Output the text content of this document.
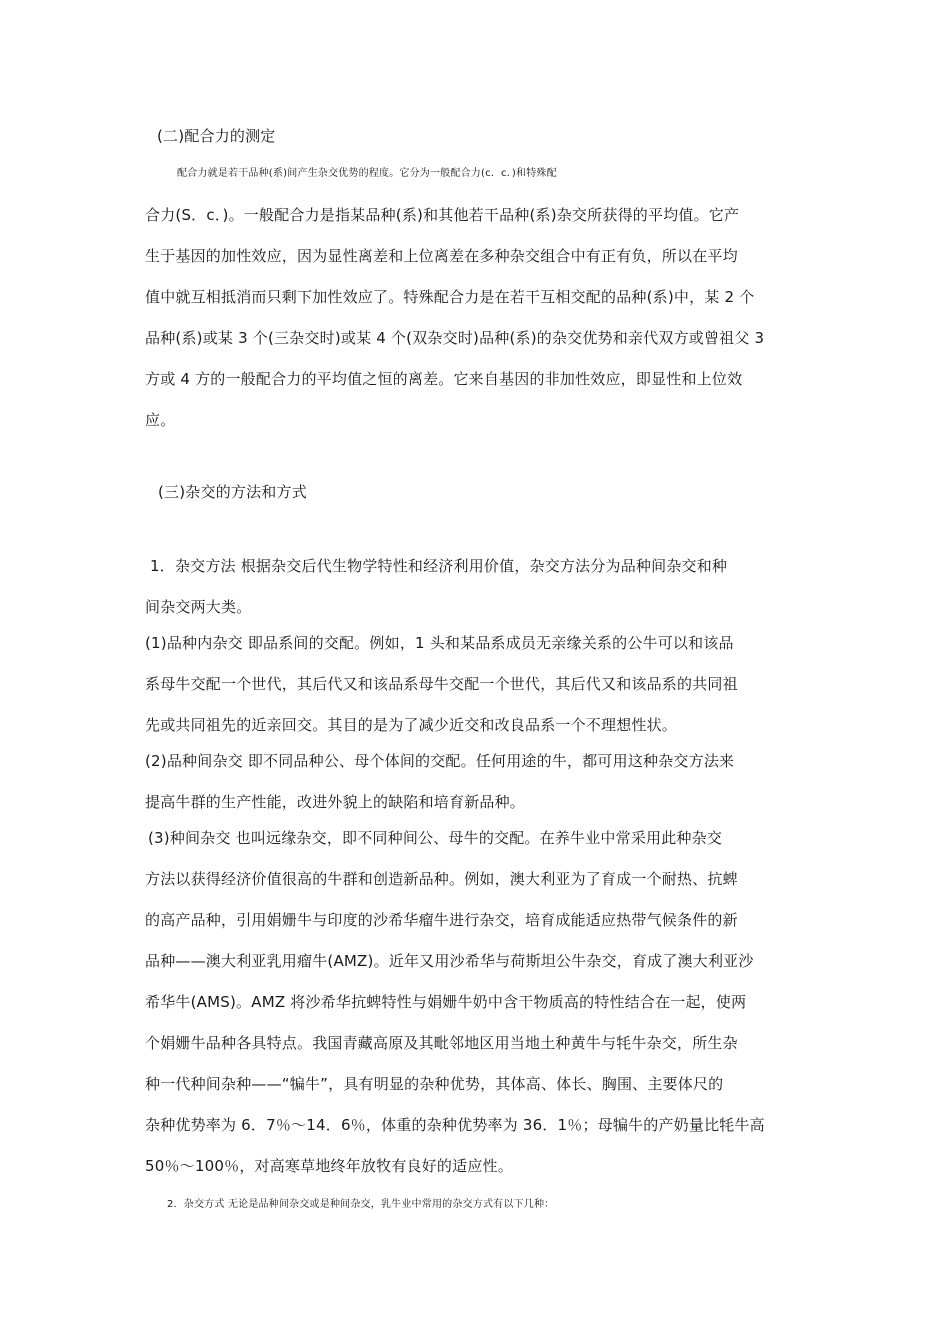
(二)配合力的测定
配合力就是若干品种(系)间产生杂交优势的程度。它分为一般配合力(c．c．)和特殊配
合力(S．c．)。一般配合力是指某品种(系)和其他若干品种(系)杂交所获得的平均值。它产
生于基因的加性效应，因为显性离差和上位离差在多种杂交组合中有正有负，所以在平均
值中就互相抵消而只剩下加性效应了。特殊配合力是在若干互相交配的品种(系)中，某 2 个
品种(系)或某 3 个(三杂交时)或某 4 个(双杂交时)品种(系)的杂交优势和亲代双方或曾祖父 3
方或 4 方的一般配合力的平均值之恒的离差。它来自基因的非加性效应，即显性和上位效
应。
(三)杂交的方法和方式
1．杂交方法 根据杂交后代生物学特性和经济利用价值，杂交方法分为品种间杂交和种
间杂交两大类。
(1)品种内杂交 即品系间的交配。例如，1 头和某品系成员无亲缘关系的公牛可以和该品
系母牛交配一个世代，其后代又和该品系母牛交配一个世代，其后代又和该品系的共同祖
先或共同祖先的近亲回交。其目的是为了减少近交和改良品系一个不理想性状。
(2)品种间杂交 即不同品种公、母个体间的交配。任何用途的牛，都可用这种杂交方法来
提高牛群的生产性能，改进外貌上的缺陷和培育新品种。
(3)种间杂交 也叫远缘杂交，即不同种间公、母牛的交配。在养牛业中常采用此种杂交
方法以获得经济价值很高的牛群和创造新品种。例如，澳大利亚为了育成一个耐热、抗蜱
的高产品种，引用娟姗牛与印度的沙希华瘤牛进行杂交，培育成能适应热带气候条件的新
品种——澳大利亚乳用瘤牛(AMZ)。近年又用沙希华与荷斯坦公牛杂交，育成了澳大利亚沙
希华牛(AMS)。AMZ 将沙希华抗蜱特性与娟姗牛奶中含干物质高的特性结合在一起，使两
个娟姗牛品种各具特点。我国青藏高原及其毗邻地区用当地土种黄牛与牦牛杂交，所生杂
种一代种间杂种——“犏牛”，具有明显的杂种优势，其体高、体长、胸围、主要体尺的
杂种优势率为 6．7％～14．6％，体重的杂种优势率为 36．1％；母犏牛的产奶量比牦牛高
50％～100％，对高寒草地终年放牧有良好的适应性。
2．杂交方式 无论是品种间杂交或是种间杂交，乳牛业中常用的杂交方式有以下几种：
